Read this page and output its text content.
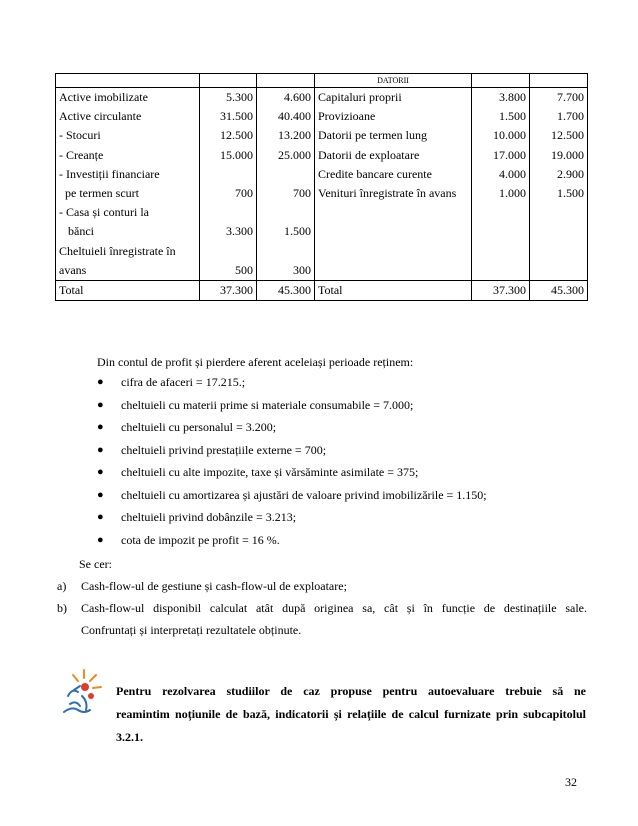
			DATORII		
Active imobilizate	5.300	4.600	Capitaluri proprii	3.800	7.700
Active circulante	31.500	40.400	Provizioane	1.500	1.700
- Stocuri	12.500	13.200	Datorii pe termen lung	10.000	12.500
- Creanțe	15.000	25.000	Datorii de exploatare	17.000	19.000
- Investiții financiare			Credite bancare curente	4.000	2.900
pe termen scurt	700	700	Venituri înregistrate în avans	1.000	1.500
- Casa și conturi la					
bănci	3.300	1.500			
Cheltuieli înregistrate în					
avans	500	300			
Total	37.300	45.300	Total	37.300	45.300
Din contul de profit și pierdere aferent aceleiași perioade reținem:
●	cifra de afaceri = 17.215.;
●	cheltuieli cu materii prime si materiale consumabile = 7.000;
●	cheltuieli cu personalul = 3.200;
●	cheltuieli privind prestațiile externe = 700;
●	cheltuieli cu alte impozite, taxe și vărsăminte asimilate = 375;
●	cheltuieli cu amortizarea și ajustări de valoare privind imobilizările = 1.150;
●	cheltuieli privind dobânzile = 3.213;
●	cota de impozit pe profit = 16 %.
Se cer:
a)	Cash-flow-ul de gestiune și cash-flow-ul de exploatare;
b)	Cash-flow-ul disponibil calculat atât după originea sa, cât și în funcție de destinațiile sale.
Confruntați și interpretați rezultatele obținute.
Pentru rezolvarea studiilor de caz propuse pentru autoevaluare trebuie să ne
reamintim noțiunile de bază, indicatorii și relațiile de calcul furnizate prin subcapitolul
3.2.1.
32
